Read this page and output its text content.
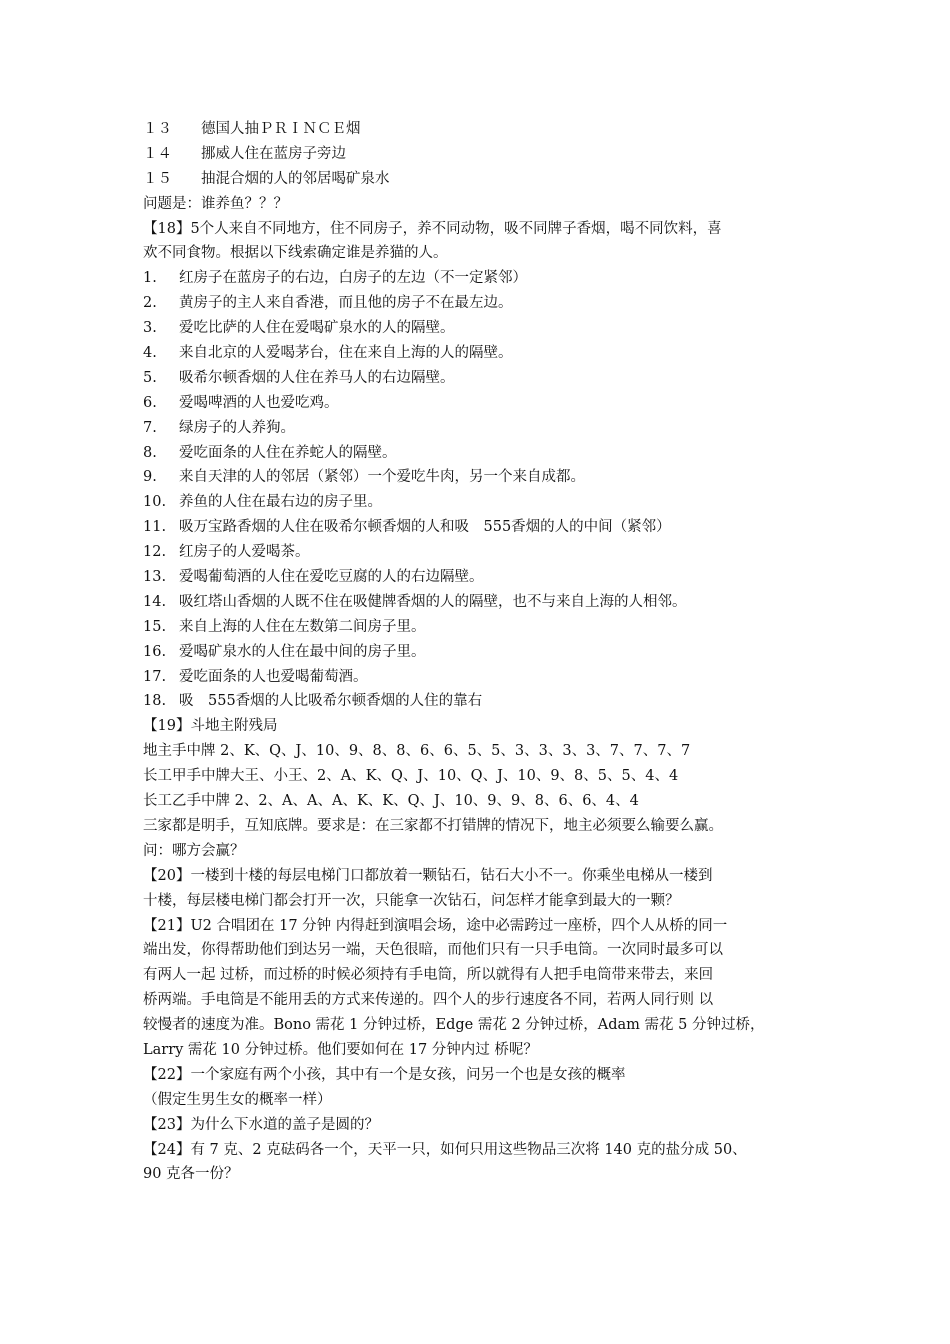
１３ 德国人抽ＰＲＩＮＣＥ烟
１４ 挪威人住在蓝房子旁边
１５ 抽混合烟的人的邻居喝矿泉水
问题是：谁养鱼？？？
【18】5个人来自不同地方，住不同房子，养不同动物，吸不同牌子香烟，喝不同饮料，喜
欢不同食物。根据以下线索确定谁是养猫的人。
1. 红房子在蓝房子的右边，白房子的左边（不一定紧邻）
2. 黄房子的主人来自香港，而且他的房子不在最左边。
3. 爱吃比萨的人住在爱喝矿泉水的人的隔壁。
4. 来自北京的人爱喝茅台，住在来自上海的人的隔壁。
5. 吸希尔顿香烟的人住在养马人的右边隔壁。
6. 爱喝啤酒的人也爱吃鸡。
7. 绿房子的人养狗。
8. 爱吃面条的人住在养蛇人的隔壁。
9. 来自天津的人的邻居（紧邻）一个爱吃牛肉，另一个来自成都。
10. 养鱼的人住在最右边的房子里。
11. 吸万宝路香烟的人住在吸希尔顿香烟的人和吸　555香烟的人的中间（紧邻）
12. 红房子的人爱喝茶。
13. 爱喝葡萄酒的人住在爱吃豆腐的人的右边隔壁。
14. 吸红塔山香烟的人既不住在吸健牌香烟的人的隔壁，也不与来自上海的人相邻。
15. 来自上海的人住在左数第二间房子里。
16. 爱喝矿泉水的人住在最中间的房子里。
17. 爱吃面条的人也爱喝葡萄酒。
18. 吸　555香烟的人比吸希尔顿香烟的人住的靠右
【19】斗地主附残局
地主手中牌 2、K、Q、J、10、9、8、8、6、6、5、5、3、3、3、3、7、7、7、7
长工甲手中牌大王、小王、2、A、K、Q、J、10、Q、J、10、9、8、5、5、4、4
长工乙手中牌 2、2、A、A、A、K、K、Q、J、10、9、9、8、6、6、4、4
三家都是明手，互知底牌。要求是：在三家都不打错牌的情况下，地主必须要么输要么赢。
问：哪方会赢？
【20】一楼到十楼的每层电梯门口都放着一颗钻石，钻石大小不一。你乘坐电梯从一楼到
十楼，每层楼电梯门都会打开一次，只能拿一次钻石，问怎样才能拿到最大的一颗？
【21】U2 合唱团在 17 分钟 内得赶到演唱会场，途中必需跨过一座桥，四个人从桥的同一
端出发，你得帮助他们到达另一端，天色很暗，而他们只有一只手电筒。一次同时最多可以
有两人一起 过桥，而过桥的时候必须持有手电筒，所以就得有人把手电筒带来带去，来回
桥两端。手电筒是不能用丢的方式来传递的。四个人的步行速度各不同，若两人同行则 以
较慢者的速度为准。Bono 需花 1 分钟过桥，Edge 需花 2 分钟过桥，Adam 需花 5 分钟过桥，
Larry 需花 10 分钟过桥。他们要如何在 17 分钟内过 桥呢？
【22】一个家庭有两个小孩，其中有一个是女孩，问另一个也是女孩的概率
（假定生男生女的概率一样）
【23】为什么下水道的盖子是圆的？
【24】有 7 克、2 克砝码各一个，天平一只，如何只用这些物品三次将 140 克的盐分成 50、
90 克各一份？
